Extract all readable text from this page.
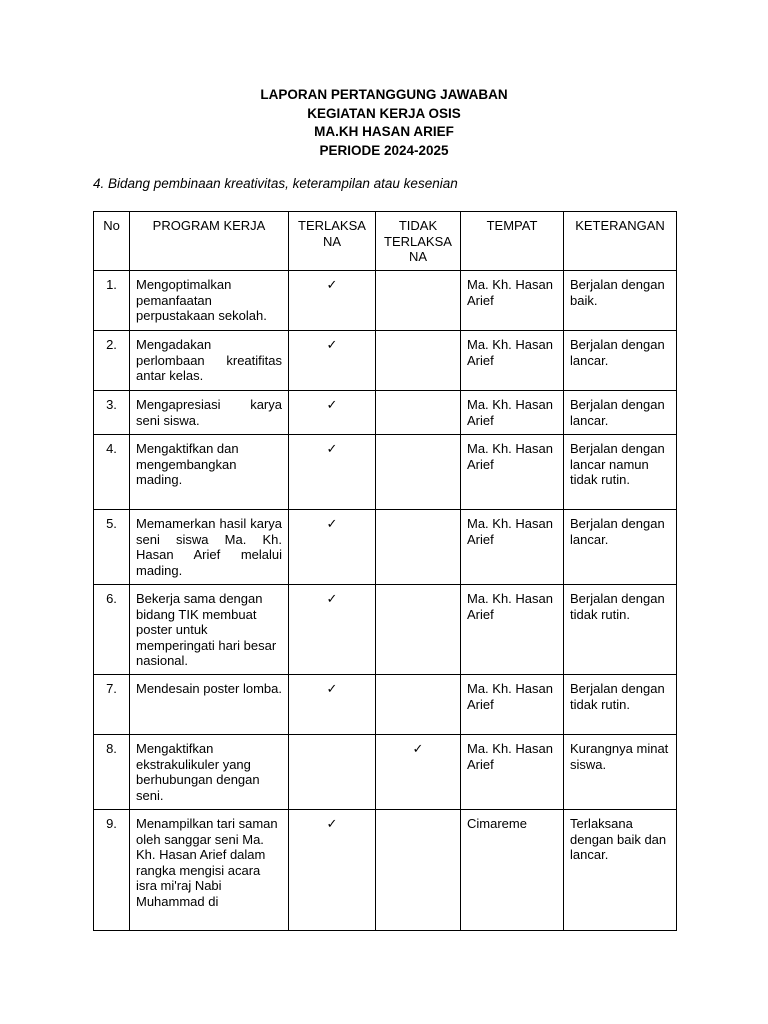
LAPORAN PERTANGGUNG JAWABAN
KEGIATAN KERJA OSIS
MA.KH HASAN ARIEF
PERIODE 2024-2025
4. Bidang pembinaan kreativitas, keterampilan atau kesenian
No	PROGRAM KERJA	TERLAKSANA	TIDAK TERLAKSANA	TEMPAT	KETERANGAN
1.	Mengoptimalkan pemanfaatan perpustakaan sekolah.	✓		Ma. Kh. Hasan Arief	Berjalan dengan baik.
2.	Mengadakan perlombaan kreatifitas antar kelas.	✓		Ma. Kh. Hasan Arief	Berjalan dengan lancar.
3.	Mengapresiasi karya seni siswa.	✓		Ma. Kh. Hasan Arief	Berjalan dengan lancar.
4.	Mengaktifkan dan mengembangkan mading.	✓		Ma. Kh. Hasan Arief	Berjalan dengan lancar namun tidak rutin.
5.	Memamerkan hasil karya seni siswa Ma. Kh. Hasan Arief melalui mading.	✓		Ma. Kh. Hasan Arief	Berjalan dengan lancar.
6.	Bekerja sama dengan bidang TIK membuat poster untuk memperingati hari besar nasional.	✓		Ma. Kh. Hasan Arief	Berjalan dengan tidak rutin.
7.	Mendesain poster lomba.	✓		Ma. Kh. Hasan Arief	Berjalan dengan tidak rutin.
8.	Mengaktifkan ekstrakulikuler yang berhubungan dengan seni.		✓	Ma. Kh. Hasan Arief	Kurangnya minat siswa.
9.	Menampilkan tari saman oleh sanggar seni Ma. Kh. Hasan Arief dalam rangka mengisi acara isra mi'raj Nabi Muhammad di	✓		Cimareme	Terlaksana dengan baik dan lancar.
